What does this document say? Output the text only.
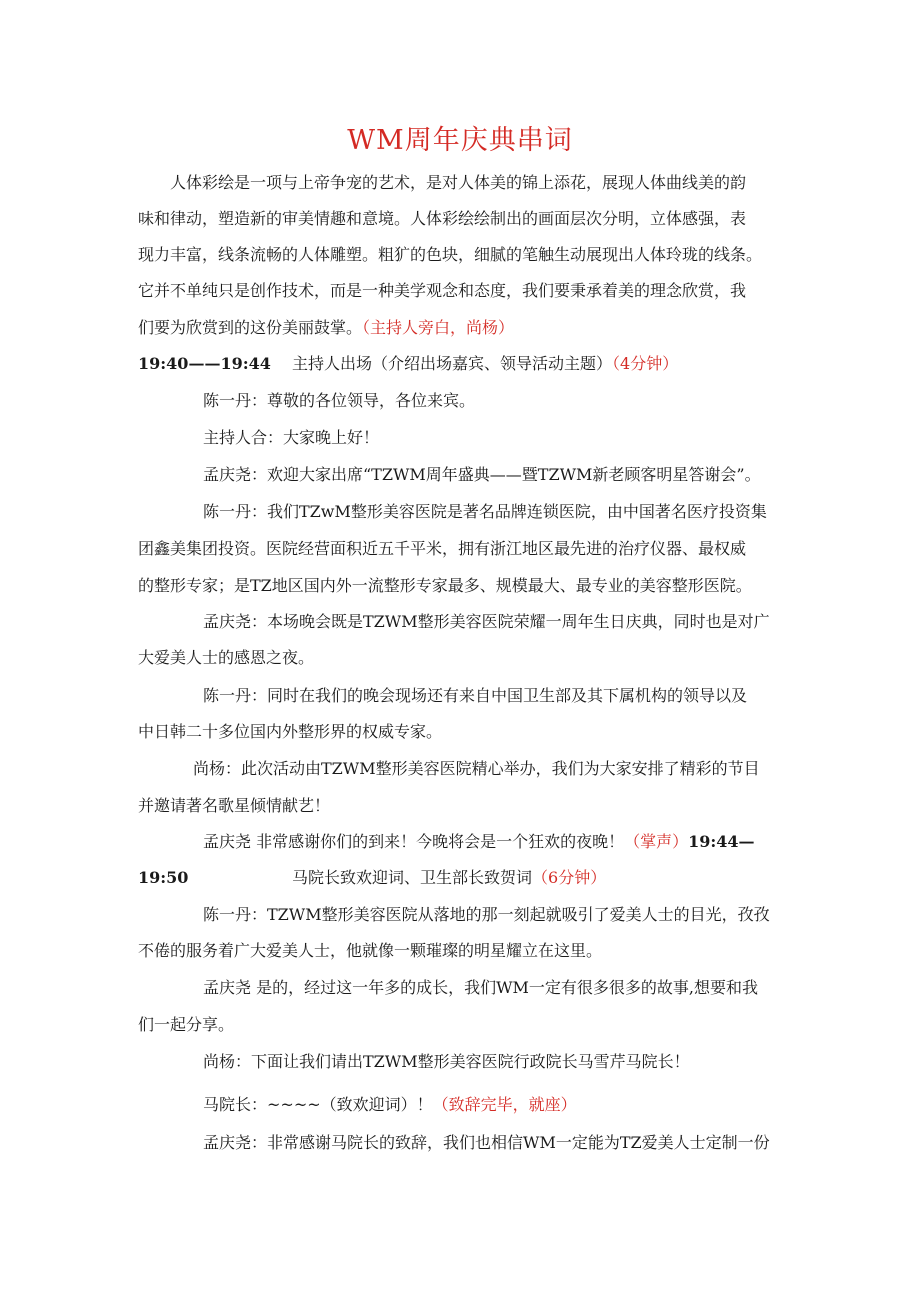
WM周年庆典串词
人体彩绘是一项与上帝争宠的艺术，是对人体美的锦上添花，展现人体曲线美的韵
味和律动，塑造新的审美情趣和意境。人体彩绘绘制出的画面层次分明，立体感强，表
现力丰富，线条流畅的人体雕塑。粗犷的色块，细腻的笔触生动展现出人体玲珑的线条。
它并不单纯只是创作技术，而是一种美学观念和态度，我们要秉承着美的理念欣赏，我
们要为欣赏到的这份美丽鼓掌。（主持人旁白，尚杨）
19:40——19:44 主持人出场（介绍出场嘉宾、领导活动主题）（4分钟）
陈一丹：尊敬的各位领导，各位来宾。
主持人合：大家晚上好！
孟庆尧：欢迎大家出席“TZWM周年盛典——暨TZWM新老顾客明星答谢会”。
陈一丹：我们TZwM整形美容医院是著名品牌连锁医院，由中国著名医疗投资集
团鑫美集团投资。医院经营面积近五千平米，拥有浙江地区最先进的治疗仪器、最权威
的整形专家；是TZ地区国内外一流整形专家最多、规模最大、最专业的美容整形医院。
孟庆尧：本场晚会既是TZWM整形美容医院荣耀一周年生日庆典，同时也是对广
大爱美人士的感恩之夜。
陈一丹：同时在我们的晚会现场还有来自中国卫生部及其下属机构的领导以及
中日韩二十多位国内外整形界的权威专家。
尚杨：此次活动由TZWM整形美容医院精心举办，我们为大家安排了精彩的节目
并邀请著名歌星倾情献艺！
孟庆尧 非常感谢你们的到来！今晚将会是一个狂欢的夜晚！（掌声）19:44—
19:50	马院长致欢迎词、卫生部长致贺词（6分钟）
陈一丹：TZWM整形美容医院从落地的那一刻起就吸引了爱美人士的目光，孜孜
不倦的服务着广大爱美人士，他就像一颗璀璨的明星耀立在这里。
孟庆尧 是的，经过这一年多的成长，我们WM一定有很多很多的故事,想要和我
们一起分享。
尚杨：下面让我们请出TZWM整形美容医院行政院长马雪芹马院长！
马院长：~~~~（致欢迎词）！（致辞完毕，就座）
孟庆尧：非常感谢马院长的致辞，我们也相信WM一定能为TZ爱美人士定制一份
